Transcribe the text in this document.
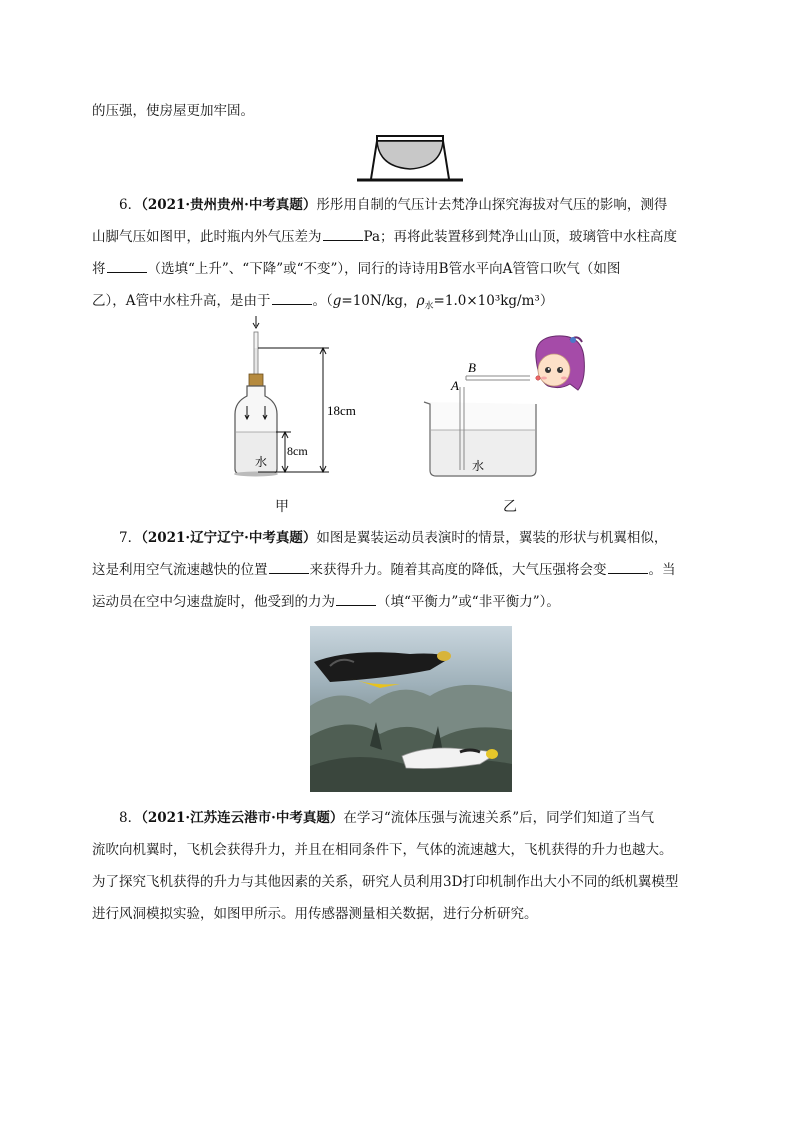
的压强，使房屋更加牢固。
6．（2021·贵州贵州·中考真题）彤彤用自制的气压计去梵净山探究海拔对气压的影响，测得
山脚气压如图甲，此时瓶内外气压差为	Pa；再将此装置移到梵净山山顶，玻璃管中水柱高度
将	（选填“上升”、“下降”或“不变”），同行的诗诗用B管水平向A管管口吹气（如图
乙），A管中水柱升高，是由于	。（g=10N/kg，$\rho_水=1.0\times 10^3kg/m^3$）
18cm
8cm
水
甲
A
B
水
乙
7．（2021·辽宁辽宁·中考真题）如图是翼装运动员表演时的情景，翼装的形状与机翼相似，
这是利用空气流速越快的位置	来获得升力。随着其高度的降低，大气压强将会变	。当
运动员在空中匀速盘旋时，他受到的力为	（填“平衡力”或“非平衡力”）。
8．（2021·江苏连云港市·中考真题）在学习“流体压强与流速关系”后，同学们知道了当气
流吹向机翼时，飞机会获得升力，并且在相同条件下，气体的流速越大，飞机获得的升力也越大。
为了探究飞机获得的升力与其他因素的关系，研究人员利用3D打印机制作出大小不同的纸机翼模型
进行风洞模拟实验，如图甲所示。用传感器测量相关数据，进行分析研究。
